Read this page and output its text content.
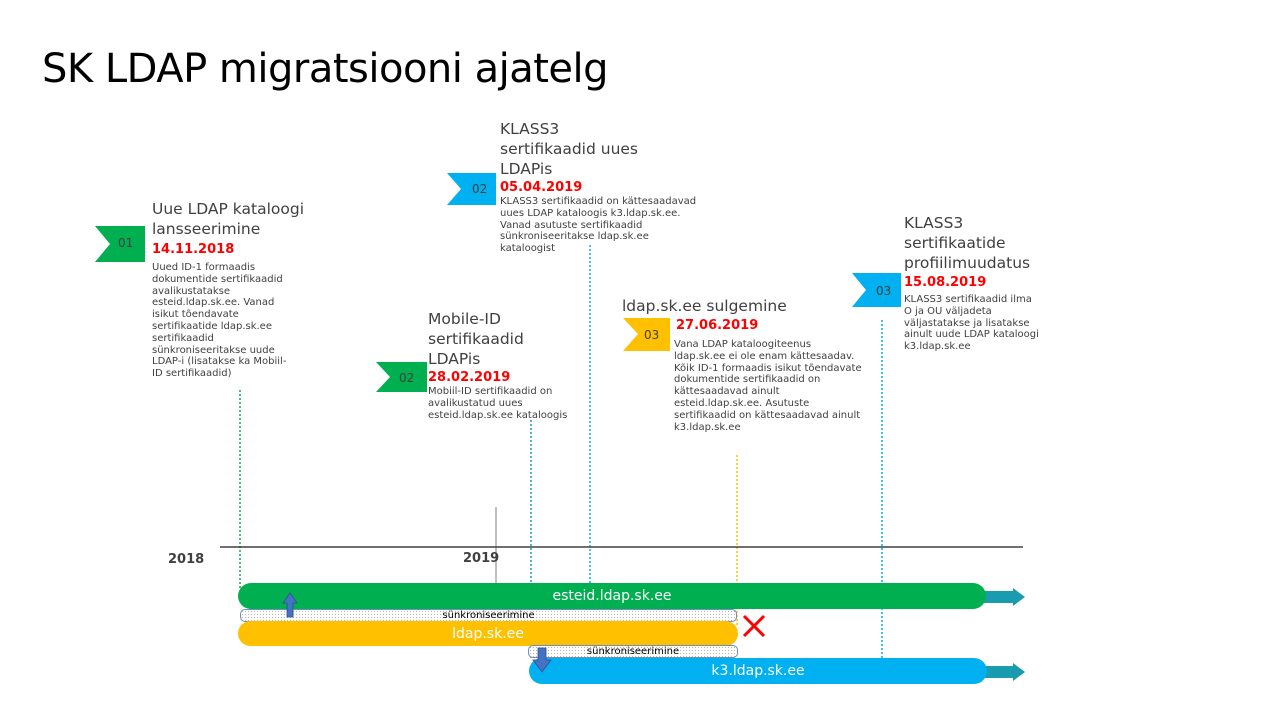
SK LDAP migratsiooni ajatelg
01
02
02
03
03
Uue LDAP kataloogi lansseerimine
14.11.2018
Uued ID-1 formaadis dokumentide sertifikaadid avalikustatakse esteid.ldap.sk.ee. Vanad isikut tõendavate sertifikaatide ldap.sk.ee sertifikaadid sünkroniseeritakse uude LDAP-i (lisatakse ka Mobiil-ID sertifikaadid)
Mobile-ID sertifikaadid LDAPis
28.02.2019
Mobiil-ID sertifikaadid on avalikustatud uues esteid.ldap.sk.ee kataloogis
KLASS3 sertifikaadid uues LDAPis
05.04.2019
KLASS3 sertifikaadid on kättesaadavad uues LDAP kataloogis k3.ldap.sk.ee. Vanad asutuste sertifikaadid sünkroniseeritakse ldap.sk.ee kataloogist
ldap.sk.ee sulgemine
27.06.2019
Vana LDAP kataloogiteenus ldap.sk.ee ei ole enam kättesaadav. Kõik ID-1 formaadis isikut tõendavate dokumentide sertifikaadid on kättesaadavad ainult esteid.ldap.sk.ee. Asutuste sertifikaadid on kättesaadavad ainult k3.ldap.sk.ee
KLASS3 sertifikaatide profiilimuudatus
15.08.2019
KLASS3 sertifikaadid ilma O ja OU väljadeta väljastatakse ja lisatakse ainult uude LDAP kataloogi k3.ldap.sk.ee
2018	2019
esteid.ldap.sk.ee
sünkroniseerimine
ldap.sk.ee
sünkroniseerimine
k3.ldap.sk.ee
